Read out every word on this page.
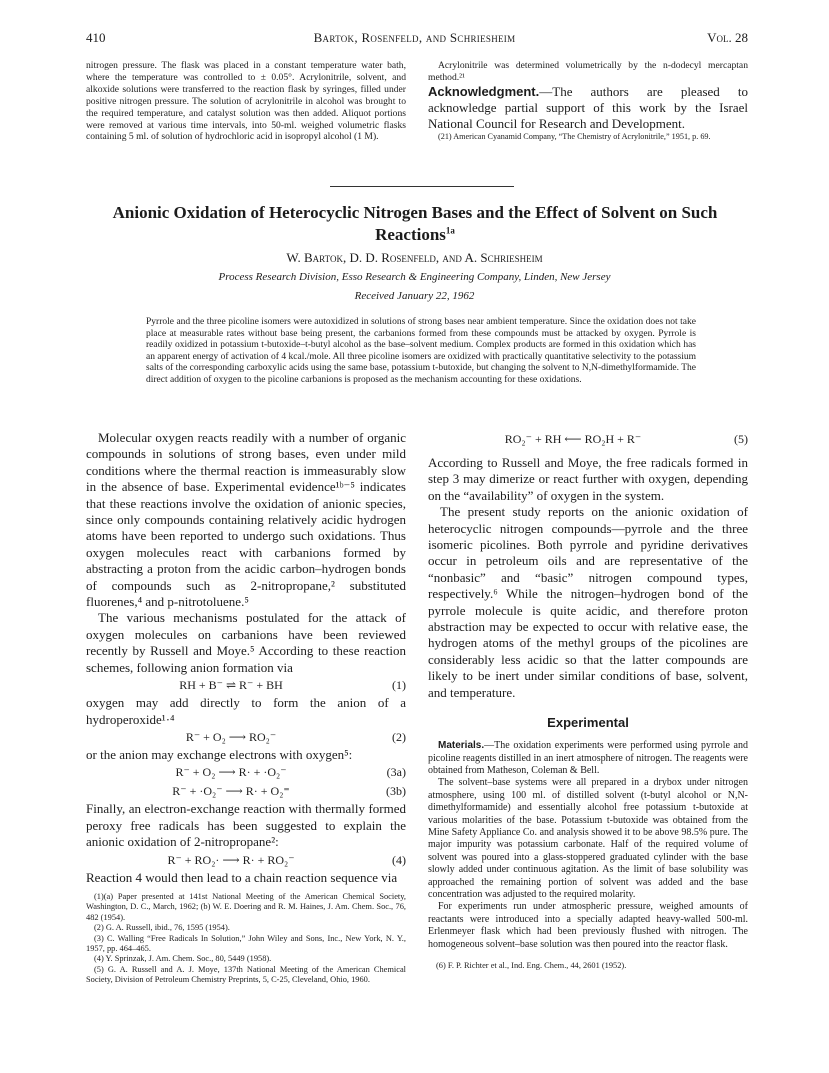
410	Bartok, Rosenfeld, and Schriesheim	Vol. 28

nitrogen pressure. The flask was placed in a constant temperature water bath, where the temperature was controlled to ± 0.05°. Acrylonitrile, solvent, and alkoxide solutions were transferred to the reaction flask by syringes, filled under positive nitrogen pressure. The solution of acrylonitrile in alcohol was brought to the required temperature, and catalyst solution was then added. Aliquot portions were removed at various time intervals, into 50-ml. weighed volumetric flasks containing 5 ml. of solution of hydrochloric acid in isopropyl alcohol (1 M).

Acrylonitrile was determined volumetrically by the n-dodecyl mercaptan method.²¹

Acknowledgment.—The authors are pleased to acknowledge partial support of this work by the Israel National Council for Research and Development.

(21) American Cyanamid Company, “The Chemistry of Acrylonitrile,” 1951, p. 69.

Anionic Oxidation of Heterocyclic Nitrogen Bases and the Effect of Solvent on Such Reactions$^{1a}$
W. Bartok, D. D. Rosenfeld, and A. Schriesheim
Process Research Division, Esso Research & Engineering Company, Linden, New Jersey
Received January 22, 1962
Pyrrole and the three picoline isomers were autoxidized in solutions of strong bases near ambient temperature. Since the oxidation does not take place at measurable rates without base being present, the carbanions formed from these compounds must be attacked by oxygen. Pyrrole is readily oxidized in potassium t-butoxide–t-butyl alcohol as the base–solvent medium. Complex products are formed in this oxidation which has an apparent energy of activation of 4 kcal./mole. All three picoline isomers are oxidized with practically quantitative selectivity to the potassium salts of the corresponding carboxylic acids using the same base, potassium t-butoxide, but changing the solvent to N,N-dimethylformamide. The direct addition of oxygen to the picoline carbanions is proposed as the mechanism accounting for these oxidations.

Molecular oxygen reacts readily with a number of organic compounds in solutions of strong bases, even under mild conditions where the thermal reaction is immeasurably slow in the absence of base. Experimental evidence¹ᵇ⁻⁵ indicates that these reactions involve the oxidation of anionic species, since only compounds containing relatively acidic hydrogen atoms have been reported to undergo such oxidations. Thus oxygen molecules react with carbanions formed by abstracting a proton from the acidic carbon–hydrogen bonds of compounds such as 2-nitropropane,² substituted fluorenes,⁴ and p-nitrotoluene.⁵

The various mechanisms postulated for the attack of oxygen molecules on carbanions have been reviewed recently by Russell and Moye.⁵ According to these reaction schemes, following anion formation via

RH + B⁻ ⇌ R⁻ + BH	(1)

oxygen may add directly to form the anion of a hydroperoxide¹·⁴

R⁻ + O₂ ⟶ RO₂⁻	(2)

or the anion may exchange electrons with oxygen⁵:

R⁻ + O₂ ⟶ R· + ·O₂⁻	(3a)
R⁻ + ·O₂⁻ ⟶ R· + O₂⁼	(3b)

Finally, an electron-exchange reaction with thermally formed peroxy free radicals has been suggested to explain the anionic oxidation of 2-nitropropane²:

R⁻ + RO₂· ⟶ R· + RO₂⁻	(4)

Reaction 4 would then lead to a chain reaction sequence via

(1)(a) Paper presented at 141st National Meeting of the American Chemical Society, Washington, D. C., March, 1962; (b) W. E. Doering and R. M. Haines, J. Am. Chem. Soc., 76, 482 (1954).
(2) G. A. Russell, ibid., 76, 1595 (1954).
(3) C. Walling “Free Radicals In Solution,” John Wiley and Sons, Inc., New York, N. Y., 1957, pp. 464–465.
(4) Y. Sprinzak, J. Am. Chem. Soc., 80, 5449 (1958).
(5) G. A. Russell and A. J. Moye, 137th National Meeting of the American Chemical Society, Division of Petroleum Chemistry Preprints, 5, C-25, Cleveland, Ohio, 1960.
RO₂⁻ + RH ⟵ RO₂H + R⁻	(5)

According to Russell and Moye, the free radicals formed in step 3 may dimerize or react further with oxygen, depending on the “availability” of oxygen in the system.

The present study reports on the anionic oxidation of heterocyclic nitrogen compounds—pyrrole and the three isomeric picolines. Both pyrrole and pyridine derivatives occur in petroleum oils and are representative of the “nonbasic” and “basic” nitrogen compound types, respectively.⁶ While the nitrogen–hydrogen bond of the pyrrole molecule is quite acidic, and therefore proton abstraction may be expected to occur with relative ease, the hydrogen atoms of the methyl groups of the picolines are considerably less acidic so that the latter compounds are likely to be inert under similar conditions of base, solvent, and temperature.

Experimental

Materials.—The oxidation experiments were performed using pyrrole and picoline reagents distilled in an inert atmosphere of nitrogen. The reagents were obtained from Matheson, Coleman & Bell.

The solvent–base systems were all prepared in a drybox under nitrogen atmosphere, using 100 ml. of distilled solvent (t-butyl alcohol or N,N-dimethylformamide) and essentially alcohol free potassium t-butoxide at various molarities of the base. Potassium t-butoxide was obtained from the Mine Safety Appliance Co. and analysis showed it to be above 98.5% pure. The major impurity was potassium carbonate. Half of the required volume of solvent was poured into a glass-stoppered graduated cylinder with the base slowly added under continuous agitation. As the limit of base solubility was approached the remaining portion of solvent was added and the base concentration was adjusted to the required molarity.

For experiments run under atmospheric pressure, weighed amounts of reactants were introduced into a specially adapted heavy-walled 500-ml. Erlenmeyer flask which had been previously flushed with nitrogen. The homogeneous solvent–base solution was then poured into the reactor flask.

(6) F. P. Richter et al., Ind. Eng. Chem., 44, 2601 (1952).
